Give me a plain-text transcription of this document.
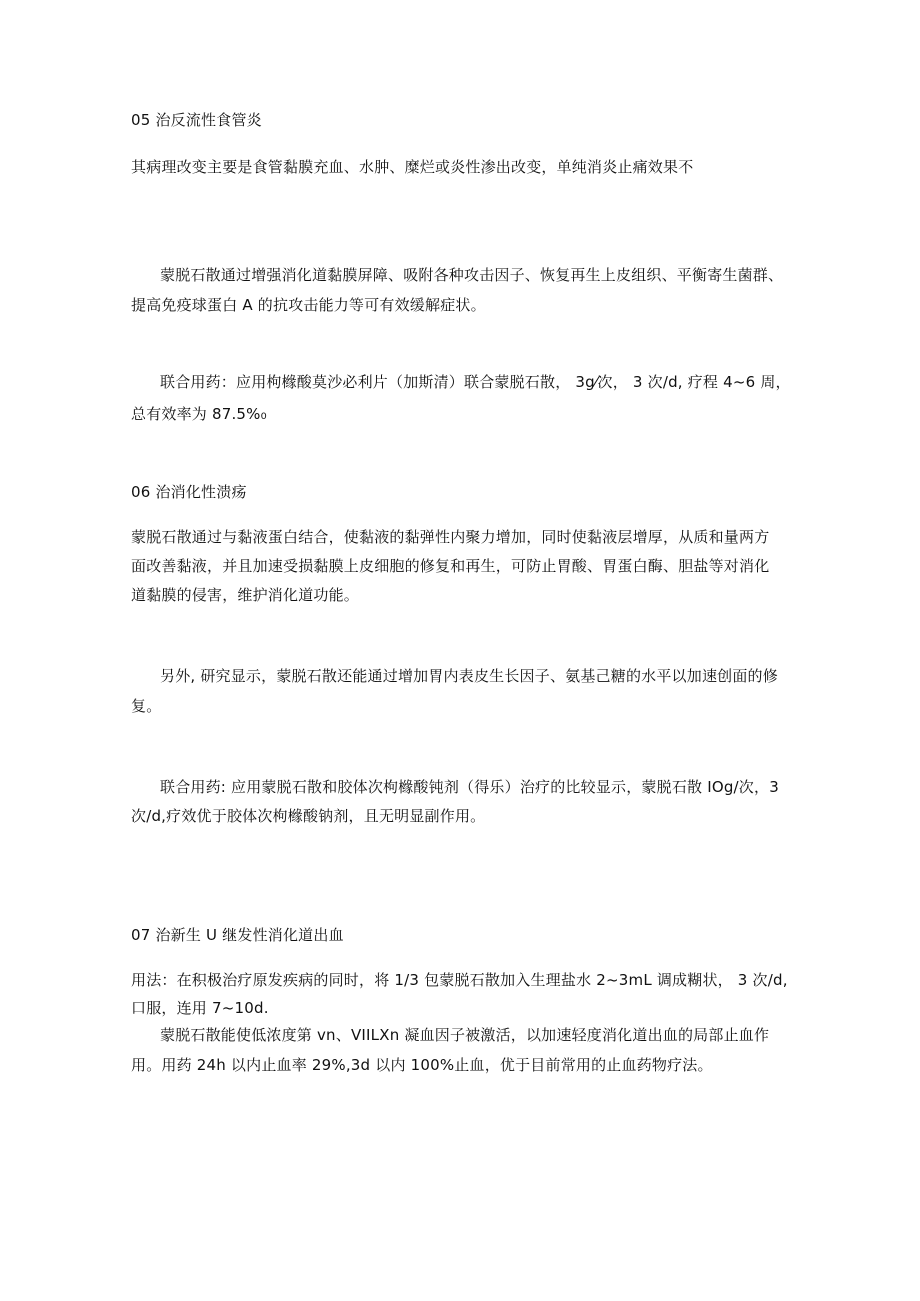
05 治反流性食管炎
其病理改变主要是食管黏膜充血、水肿、糜烂或炎性渗出改变，单纯消炎止痛效果不
蒙脱石散通过增强消化道黏膜屏障、吸附各种攻击因子、恢复再生上皮组织、平衡寄生菌群、
提高免疫球蛋白 A 的抗攻击能力等可有效缓解症状。
联合用药：应用枸橼酸莫沙必利片（加斯清）联合蒙脱石散， 3g⁄次， 3 次/d, 疗程 4~6 周，
总有效率为 87.5%₀
06 治消化性溃疡
蒙脱石散通过与黏液蛋白结合，使黏液的黏弹性内聚力增加，同时使黏液层增厚，从质和量两方
面改善黏液，并且加速受损黏膜上皮细胞的修复和再生，可防止胃酸、胃蛋白酶、胆盐等对消化
道黏膜的侵害，维护消化道功能。
另外, 研究显示，蒙脱石散还能通过增加胃内表皮生长因子、氨基己糖的水平以加速创面的修
复。
联合用药: 应用蒙脱石散和胶体次枸橼酸钝剂（得乐）治疗的比较显示，蒙脱石散 IOg/次，3
次/d,疗效优于胶体次枸橼酸钠剂，且无明显副作用。
07 治新生 U 继发性消化道出血
用法：在积极治疗原发疾病的同时，将 1/3 包蒙脱石散加入生理盐水 2~3mL 调成糊状， 3 次/d,
口服，连用 7~10d.
蒙脱石散能使低浓度第 vn、VIILXn 凝血因子被激活，以加速轻度消化道出血的局部止血作
用。用药 24h 以内止血率 29%,3d 以内 100%止血，优于目前常用的止血药物疗法。
